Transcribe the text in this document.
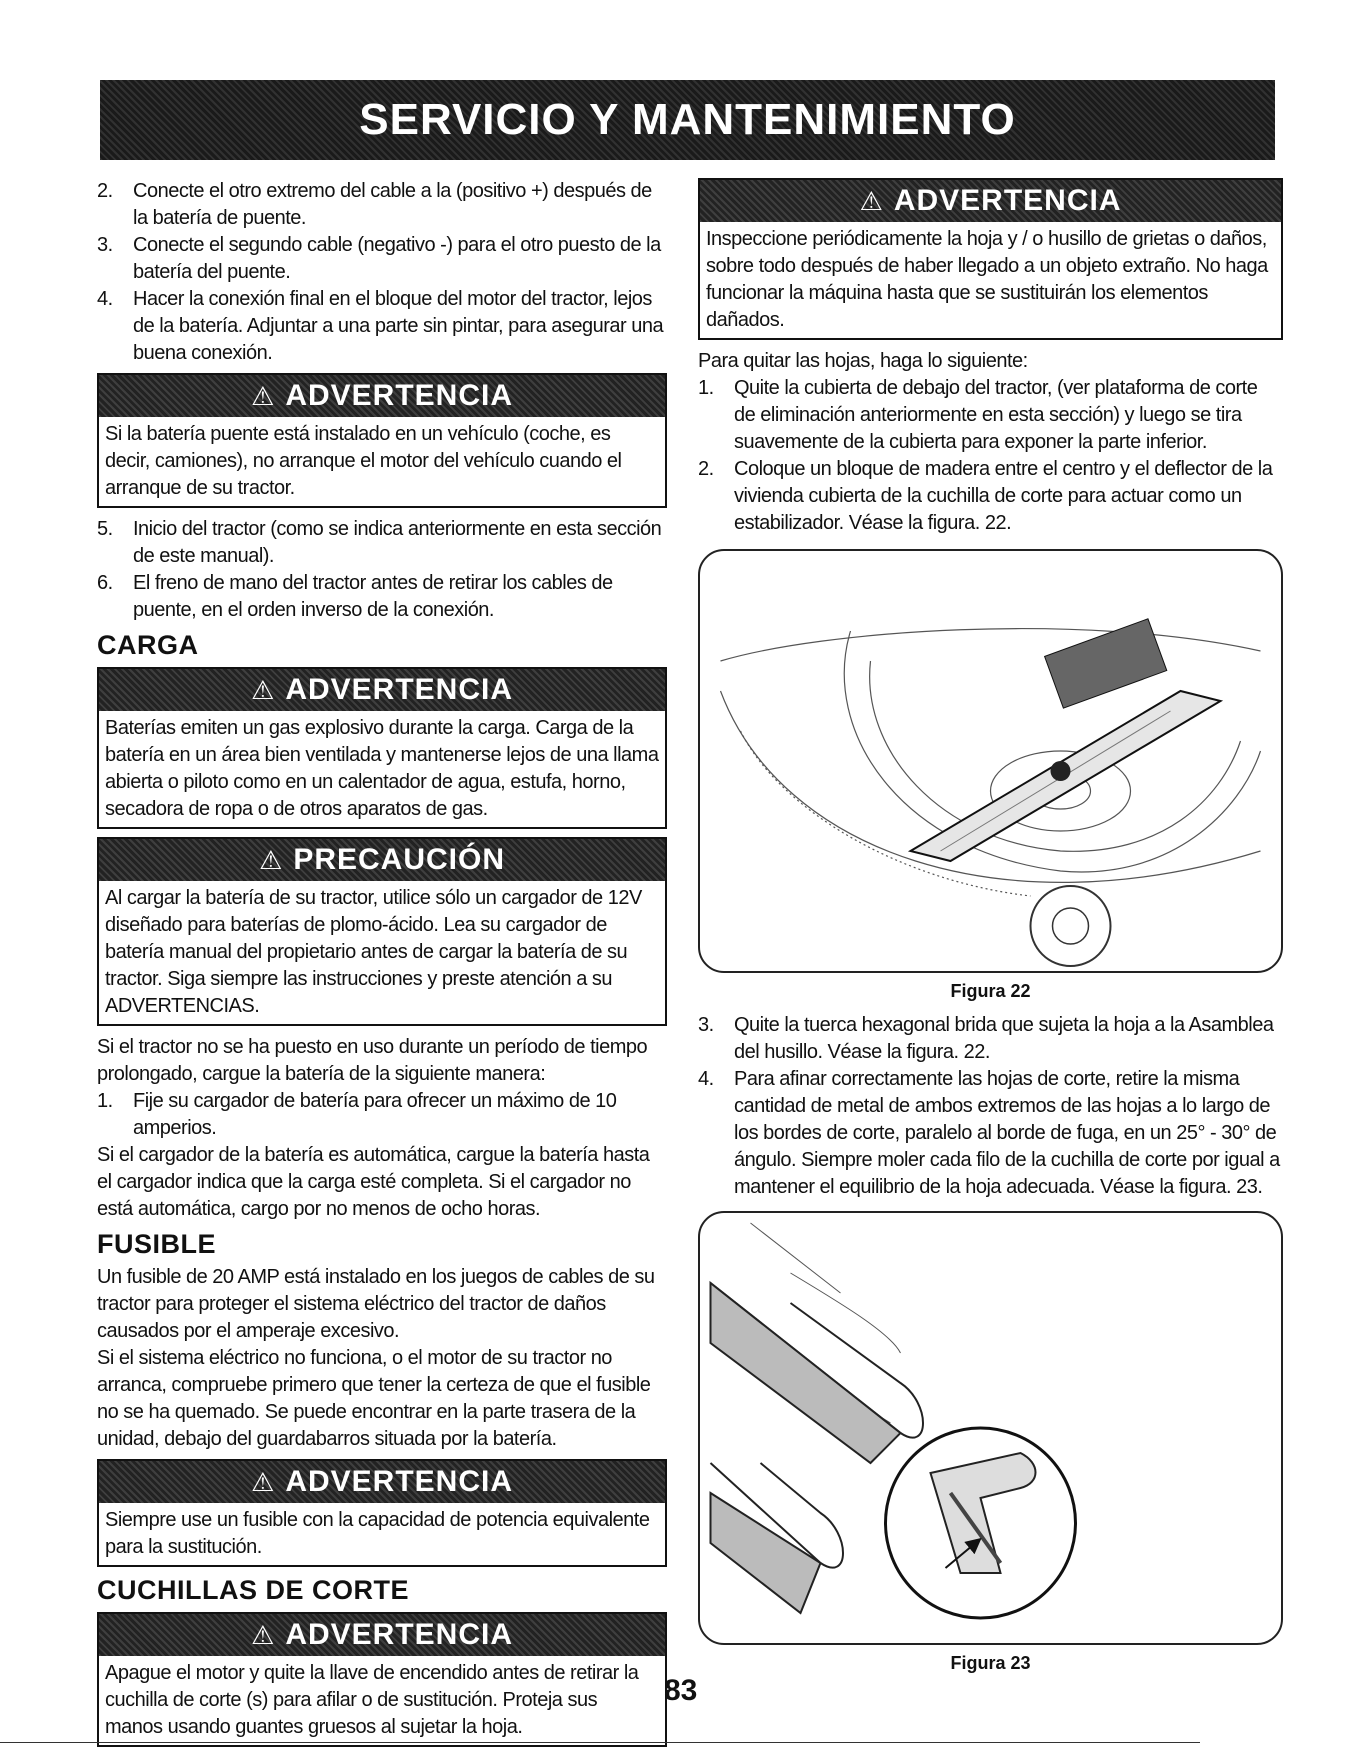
SERVICIO Y MANTENIMIENTO
2. Conecte el otro extremo del cable a la (positivo +) después de la batería de puente.
3. Conecte el segundo cable (negativo -) para el otro puesto de la batería del puente.
4. Hacer la conexión final en el bloque del motor del tractor, lejos de la batería. Adjuntar a una parte sin pintar, para asegurar una buena conexión.
⚠ ADVERTENCIA
Si la batería puente está instalado en un vehículo (coche, es decir, camiones), no arranque el motor del vehículo cuando el arranque de su tractor.
5. Inicio del tractor (como se indica anteriormente en esta sección de este manual).
6. El freno de mano del tractor antes de retirar los cables de puente, en el orden inverso de la conexión.
CARGA
⚠ ADVERTENCIA
Baterías emiten un gas explosivo durante la carga. Carga de la batería en un área bien ventilada y mantenerse lejos de una llama abierta o piloto como en un calentador de agua, estufa, horno, secadora de ropa o de otros aparatos de gas.
⚠ PRECAUCIÓN
Al cargar la batería de su tractor, utilice sólo un cargador de 12V diseñado para baterías de plomo-ácido. Lea su cargador de batería manual del propietario antes de cargar la batería de su tractor. Siga siempre las instrucciones y preste atención a su ADVERTENCIAS.

Si el tractor no se ha puesto en uso durante un período de tiempo prolongado, cargue la batería de la siguiente manera:

1. Fije su cargador de batería para ofrecer un máximo de 10 amperios.

Si el cargador de la batería es automática, cargue la batería hasta el cargador indica que la carga esté completa. Si el cargador no está automática, cargo por no menos de ocho horas.

FUSIBLE

Un fusible de 20 AMP está instalado en los juegos de cables de su tractor para proteger el sistema eléctrico del tractor de daños causados por el amperaje excesivo.

Si el sistema eléctrico no funciona, o el motor de su tractor no arranca, compruebe primero que tener la certeza de que el fusible no se ha quemado. Se puede encontrar en la parte trasera de la unidad, debajo del guardabarros situada por la batería.

⚠ ADVERTENCIA
Siempre use un fusible con la capacidad de potencia equivalente para la sustitución.
CUCHILLAS DE CORTE
⚠ ADVERTENCIA
Apague el motor y quite la llave de encendido antes de retirar la cuchilla de corte (s) para afilar o de sustitución. Proteja sus manos usando guantes gruesos al sujetar la hoja.
⚠ ADVERTENCIA
Inspeccione periódicamente la hoja y / o husillo de grietas o daños, sobre todo después de haber llegado a un objeto extraño. No haga funcionar la máquina hasta que se sustituirán los elementos dañados.

Para quitar las hojas, haga lo siguiente:

1. Quite la cubierta de debajo del tractor, (ver plataforma de corte de eliminación anteriormente en esta sección) y luego se tira suavemente de la cubierta para exponer la parte inferior.
2. Coloque un bloque de madera entre el centro y el deflector de la vivienda cubierta de la cuchilla de corte para actuar como un estabilizador. Véase la figura. 22.
Figura 22
3. Quite la tuerca hexagonal brida que sujeta la hoja a la Asamblea del husillo. Véase la figura. 22.
4. Para afinar correctamente las hojas de corte, retire la misma cantidad de metal de ambos extremos de las hojas a lo largo de los bordes de corte, paralelo al borde de fuga, en un 25° - 30° de ángulo. Siempre moler cada filo de la cuchilla de corte por igual a mantener el equilibrio de la hoja adecuada. Véase la figura. 23.
Figura 23
83
